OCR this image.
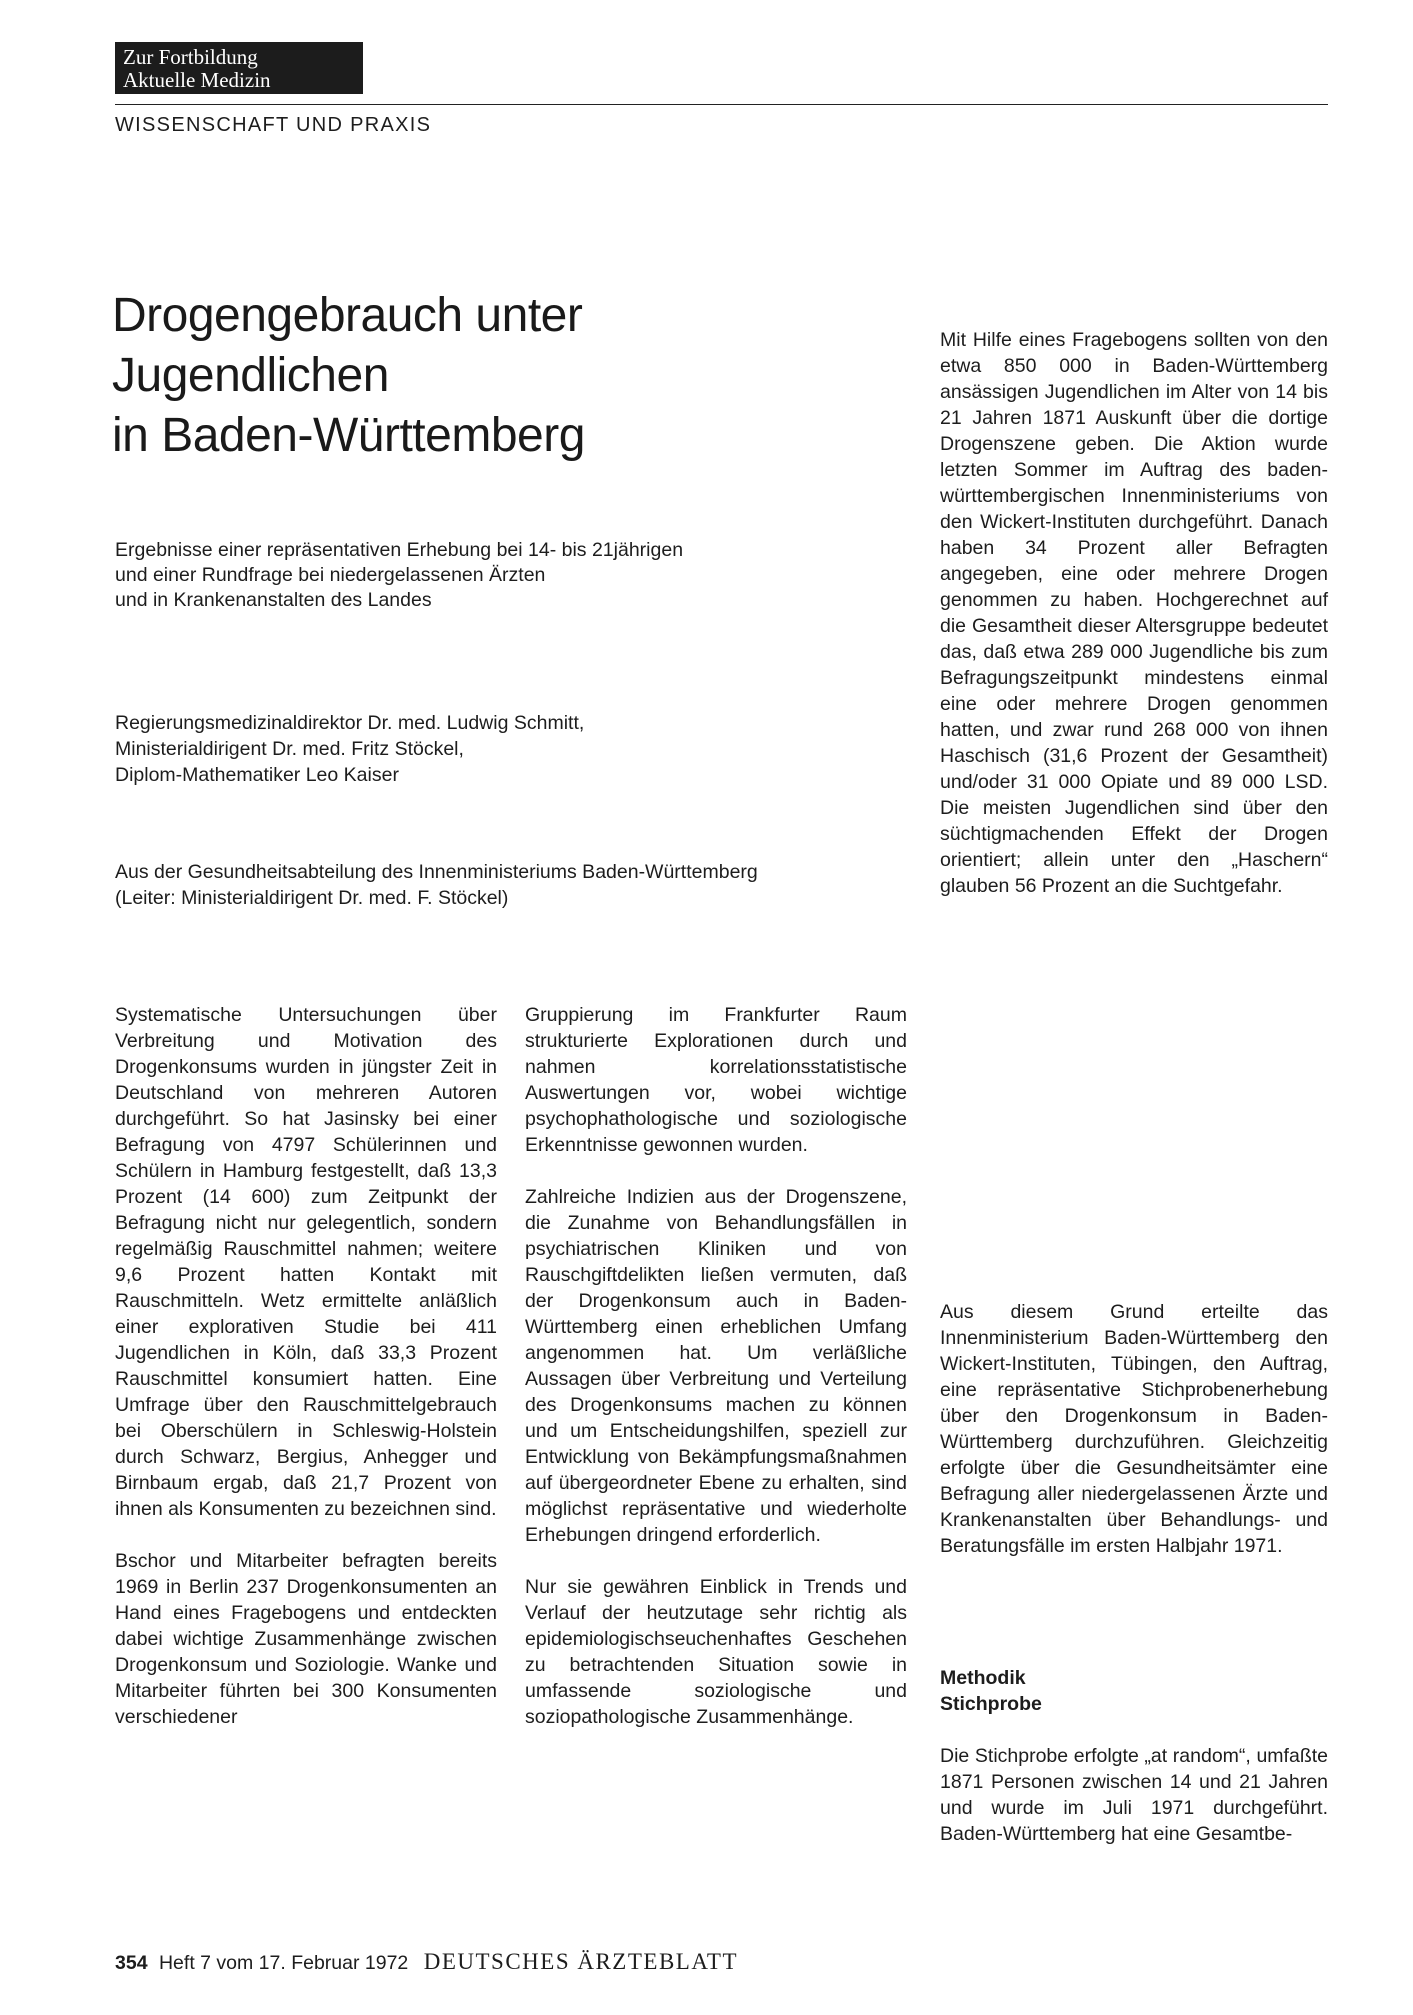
Zur Fortbildung
Aktuelle Medizin
WISSENSCHAFT UND PRAXIS
Drogengebrauch unter
Jugendlichen
in Baden-Württemberg
Ergebnisse einer repräsentativen Erhebung bei 14- bis 21jährigen
und einer Rundfrage bei niedergelassenen Ärzten
und in Krankenanstalten des Landes
Regierungsmedizinaldirektor Dr. med. Ludwig Schmitt,
Ministerialdirigent Dr. med. Fritz Stöckel,
Diplom-Mathematiker Leo Kaiser
Aus der Gesundheitsabteilung des Innenministeriums Baden-Württemberg
(Leiter: Ministerialdirigent Dr. med. F. Stöckel)

Systematische Untersuchungen über Verbreitung und Motivation des Drogenkonsums wurden in jüngster Zeit in Deutschland von mehreren Autoren durchgeführt. So hat Jasinsky bei einer Befragung von 4797 Schülerinnen und Schülern in Hamburg festgestellt, daß 13,3 Prozent (14 600) zum Zeitpunkt der Befragung nicht nur gelegentlich, sondern regelmäßig Rauschmittel nahmen; weitere 9,6 Prozent hatten Kontakt mit Rauschmitteln. Wetz ermittelte anläßlich einer explorativen Studie bei 411 Jugendlichen in Köln, daß 33,3 Prozent Rauschmittel konsumiert hatten. Eine Umfrage über den Rauschmittelgebrauch bei Oberschülern in Schleswig-Holstein durch Schwarz, Bergius, Anhegger und Birnbaum ergab, daß 21,7 Prozent von ihnen als Konsumenten zu bezeichnen sind.

Bschor und Mitarbeiter befragten bereits 1969 in Berlin 237 Drogenkonsumenten an Hand eines Fragebogens und entdeckten dabei wichtige Zusammenhänge zwischen Drogenkonsum und Soziologie. Wanke und Mitarbeiter führten bei 300 Konsumenten verschiedener

Gruppierung im Frankfurter Raum strukturierte Explorationen durch und nahmen korrelationsstatistische Auswertungen vor, wobei wichtige psychophathologische und soziologische Erkenntnisse gewonnen wurden.

Zahlreiche Indizien aus der Drogenszene, die Zunahme von Behandlungsfällen in psychiatrischen Kliniken und von Rauschgiftdelikten ließen vermuten, daß der Drogenkonsum auch in Baden-Württemberg einen erheblichen Umfang angenommen hat. Um verläßliche Aussagen über Verbreitung und Verteilung des Drogenkonsums machen zu können und um Entscheidungshilfen, speziell zur Entwicklung von Bekämpfungsmaßnahmen auf übergeordneter Ebene zu erhalten, sind möglichst repräsentative und wiederholte Erhebungen dringend erforderlich.

Nur sie gewähren Einblick in Trends und Verlauf der heutzutage sehr richtig als epidemiologischseuchenhaftes Geschehen zu betrachtenden Situation sowie in umfassende soziologische und soziopathologische Zusammenhänge.

Mit Hilfe eines Fragebogens sollten von den etwa 850 000 in Baden-Württemberg ansässigen Jugendlichen im Alter von 14 bis 21 Jahren 1871 Auskunft über die dortige Drogenszene geben. Die Aktion wurde letzten Sommer im Auftrag des baden-württembergischen Innenministeriums von den Wickert-Instituten durchgeführt. Danach haben 34 Prozent aller Befragten angegeben, eine oder mehrere Drogen genommen zu haben. Hochgerechnet auf die Gesamtheit dieser Altersgruppe bedeutet das, daß etwa 289 000 Jugendliche bis zum Befragungszeitpunkt mindestens einmal eine oder mehrere Drogen genommen hatten, und zwar rund 268 000 von ihnen Haschisch (31,6 Prozent der Gesamtheit) und/oder 31 000 Opiate und 89 000 LSD. Die meisten Jugendlichen sind über den süchtigmachenden Effekt der Drogen orientiert; allein unter den „Haschern“ glauben 56 Prozent an die Suchtgefahr.

Aus diesem Grund erteilte das Innenministerium Baden-Württemberg den Wickert-Instituten, Tübingen, den Auftrag, eine repräsentative Stichprobenerhebung über den Drogenkonsum in Baden-Württemberg durchzuführen. Gleichzeitig erfolgte über die Gesundheitsämter eine Befragung aller niedergelassenen Ärzte und Krankenanstalten über Behandlungs- und Beratungsfälle im ersten Halbjahr 1971.

Methodik
Stichprobe

Die Stichprobe erfolgte „at random“, umfaßte 1871 Personen zwischen 14 und 21 Jahren und wurde im Juli 1971 durchgeführt. Baden-Württemberg hat eine Gesamtbe-

354 Heft 7 vom 17. Februar 1972 DEUTSCHES ÄRZTEBLATT
